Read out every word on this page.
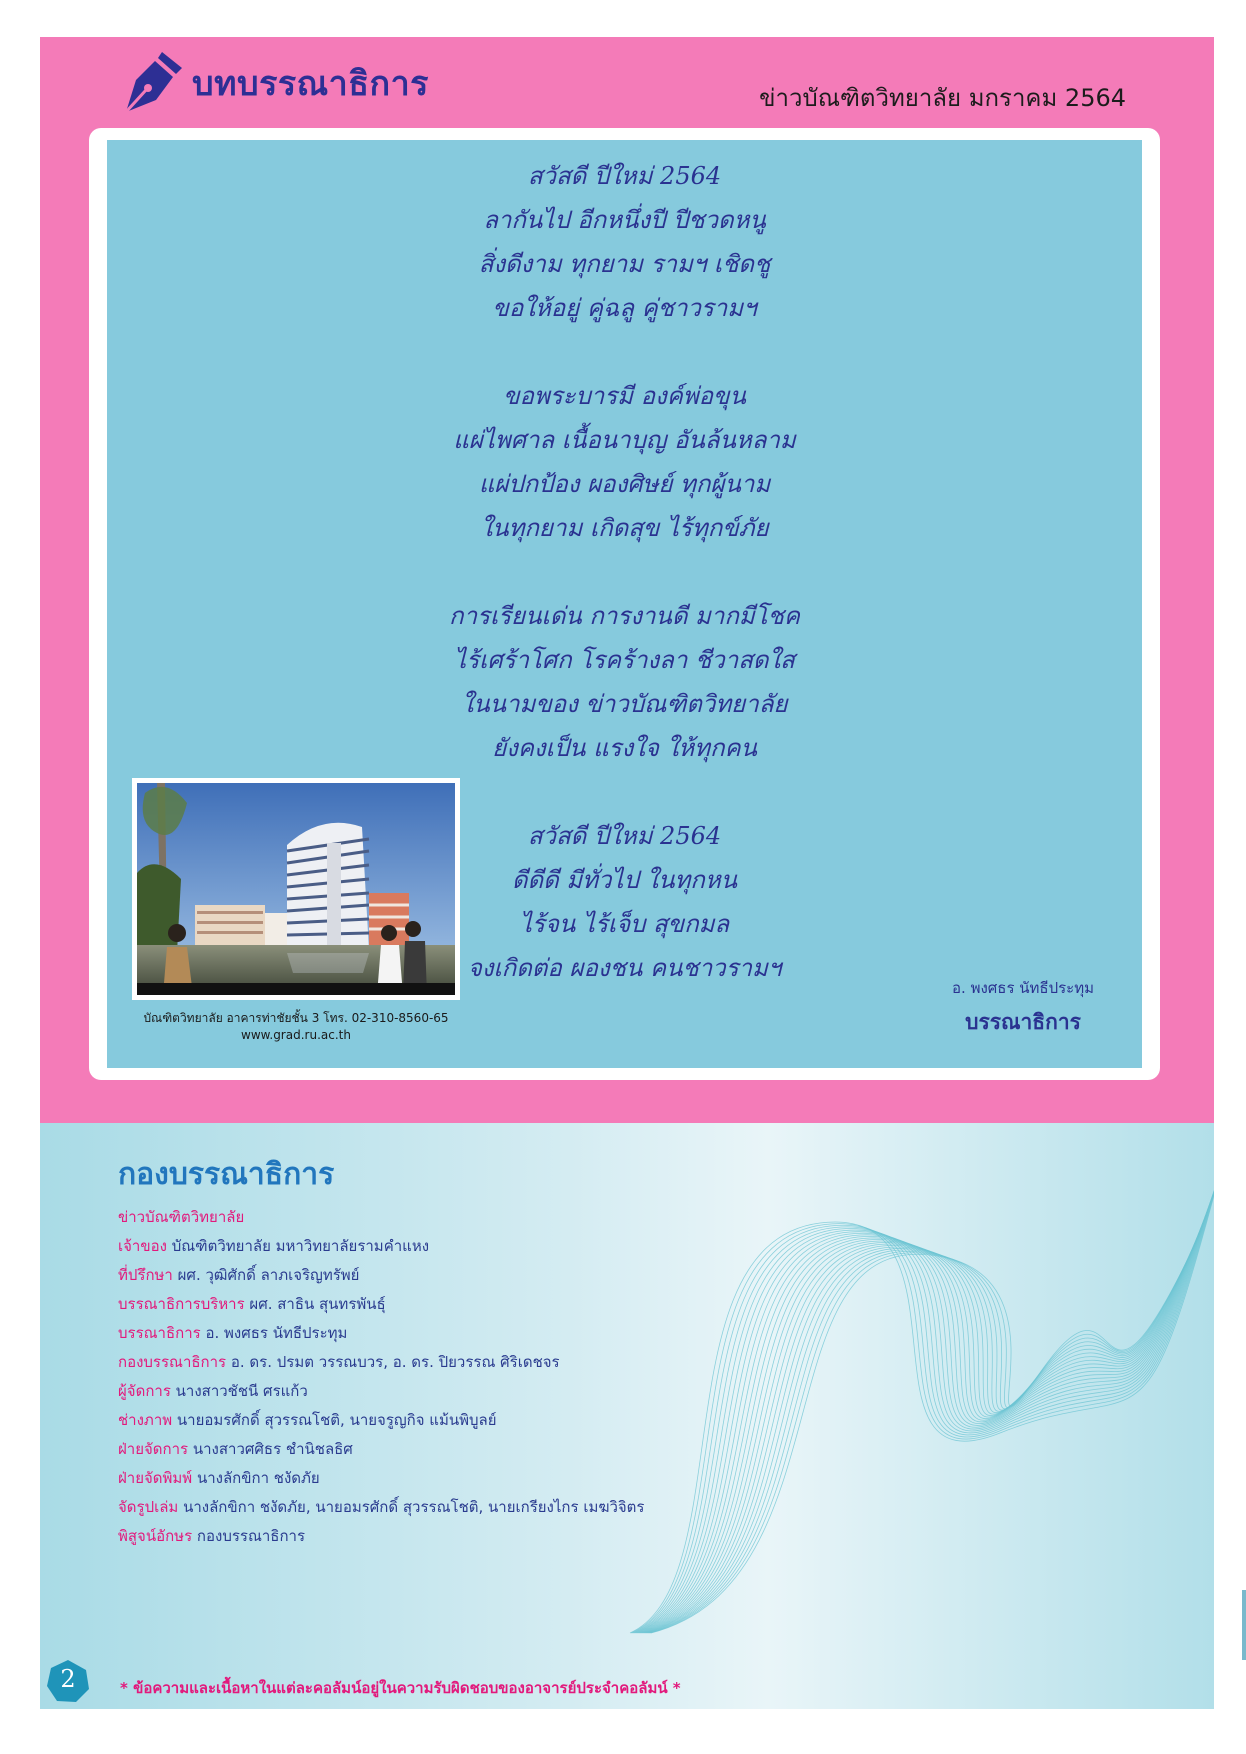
บทบรรณาธิการ	ข่าวบัณฑิตวิทยาลัย มกราคม 2564
สวัสดี ปีใหม่ 2564
ลากันไป อีกหนึ่งปี ปีชวดหนู
สิ่งดีงาม ทุกยาม รามฯ เชิดชู
ขอให้อยู่ คู่ฉลู คู่ชาวรามฯ
ขอพระบารมี องค์พ่อขุน
แผ่ไพศาล เนื้อนาบุญ อันล้นหลาม
แผ่ปกป้อง ผองศิษย์ ทุกผู้นาม
ในทุกยาม เกิดสุข ไร้ทุกข์ภัย
การเรียนเด่น การงานดี มากมีโชค
ไร้เศร้าโศก โรคร้างลา ชีวาสดใส
ในนามของ ข่าวบัณฑิตวิทยาลัย
ยังคงเป็น แรงใจ ให้ทุกคน
สวัสดี ปีใหม่ 2564
ดีดีดี มีทั่วไป ในทุกหน
ไร้จน ไร้เจ็บ สุขกมล
จงเกิดต่อ ผองชน คนชาวรามฯ
บัณฑิตวิทยาลัย อาคารท่าชัยชั้น 3 โทร. 02-310-8560-65
www.grad.ru.ac.th
อ. พงศธร นัทธีประทุม
บรรณาธิการ
กองบรรณาธิการ
ข่าวบัณฑิตวิทยาลัย
เจ้าของ บัณฑิตวิทยาลัย มหาวิทยาลัยรามคำแหง
ที่ปรึกษา ผศ. วุฒิศักดิ์ ลาภเจริญทรัพย์
บรรณาธิการบริหาร ผศ. สาธิน สุนทรพันธุ์
บรรณาธิการ อ. พงศธร นัทธีประทุม
กองบรรณาธิการ อ. ดร. ปรมต วรรณบวร, อ. ดร. ปิยวรรณ ศิริเดชจร
ผู้จัดการ นางสาวชัชนี ศรแก้ว
ช่างภาพ นายอมรศักดิ์ สุวรรณโชติ, นายจรูญกิจ แม้นพิบูลย์
ฝ่ายจัดการ นางสาวศศิธร ชำนิชลธิศ
ฝ่ายจัดพิมพ์ นางลักขิกา ชงัดภัย
จัดรูปเล่ม นางลักขิกา ชงัดภัย, นายอมรศักดิ์ สุวรรณโชติ, นายเกรียงไกร เมฆวิจิตร
พิสูจน์อักษร กองบรรณาธิการ
2	* ข้อความและเนื้อหาในแต่ละคอลัมน์อยู่ในความรับผิดชอบของอาจารย์ประจำคอลัมน์ *
